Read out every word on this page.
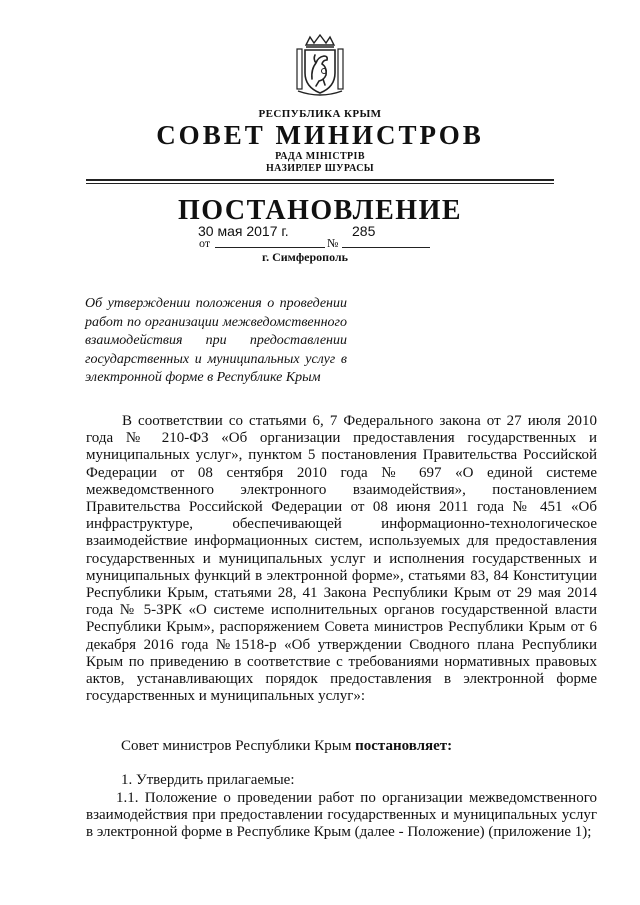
РЕСПУБЛИКА КРЫМ
СОВЕТ МИНИСТРОВ
РАДА МІНІСТРІВ
НАЗИРЛЕР ШУРАСЫ
ПОСТАНОВЛЕНИЕ
30 мая 2017 г.	285
от	№
г. Симферополь
Об утверждении положения о проведении работ по организации межведомственного взаимодействия при предоставлении государственных и муниципальных услуг в электронной форме в Республике Крым
В соответствии со статьями 6, 7 Федерального закона от 27 июля 2010 года № 210-ФЗ «Об организации предоставления государственных и муниципальных услуг», пунктом 5 постановления Правительства Российской Федерации от 08 сентября 2010 года № 697 «О единой системе межведомственного электронного взаимодействия», постановлением Правительства Российской Федерации от 08 июня 2011 года № 451 «Об инфраструктуре, обеспечивающей информационно-технологическое взаимодействие информационных систем, используемых для предоставления государственных и муниципальных услуг и исполнения государственных и муниципальных функций в электронной форме», статьями 83, 84 Конституции Республики Крым, статьями 28, 41 Закона Республики Крым от 29 мая 2014 года № 5-ЗРК «О системе исполнительных органов государственной власти Республики Крым», распоряжением Совета министров Республики Крым от 6 декабря 2016 года №1518-р «Об утверждении Сводного плана Республики Крым по приведению в соответствие с требованиями нормативных правовых актов, устанавливающих порядок предоставления в электронной форме государственных и муниципальных услуг»:
Совет министров Республики Крым постановляет:
1. Утвердить прилагаемые:
1.1. Положение о проведении работ по организации межведомственного взаимодействия при предоставлении государственных и муниципальных услуг в электронной форме в Республике Крым (далее - Положение) (приложение 1);
